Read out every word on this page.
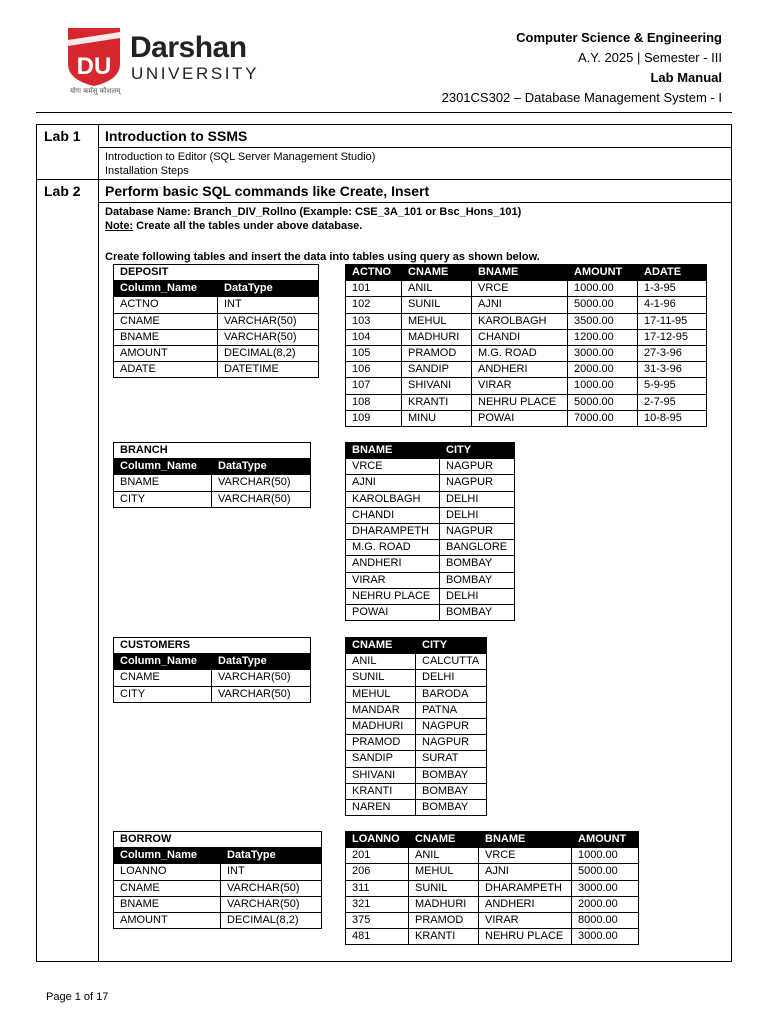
DU
Darshan
UNIVERSITY
योगः कर्मसु कौशलम्
Computer Science & Engineering
A.Y. 2025 | Semester - III
Lab Manual
2301CS302 – Database Management System - I
Lab 1 Introduction to SSMS
Introduction to Editor (SQL Server Management Studio)
Installation Steps
Lab 2 Perform basic SQL commands like Create, Insert
Database Name: Branch_DIV_Rollno (Example: CSE_3A_101 or Bsc_Hons_101)
Note: Create all the tables under above database.
Create following tables and insert the data into tables using query as shown below.
DEPOSIT	
Column_Name	DataType
ACTNO	INT
CNAME	VARCHAR(50)
BNAME	VARCHAR(50)
AMOUNT	DECIMAL(8,2)
ADATE	DATETIME
ACTNO	CNAME	BNAME	AMOUNT	ADATE
101	ANIL	VRCE	1000.00	1-3-95
102	SUNIL	AJNI	5000.00	4-1-96
103	MEHUL	KAROLBAGH	3500.00	17-11-95
104	MADHURI	CHANDI	1200.00	17-12-95
105	PRAMOD	M.G. ROAD	3000.00	27-3-96
106	SANDIP	ANDHERI	2000.00	31-3-96
107	SHIVANI	VIRAR	1000.00	5-9-95
108	KRANTI	NEHRU PLACE	5000.00	2-7-95
109	MINU	POWAI	7000.00	10-8-95
BRANCH	
Column_Name	DataType
BNAME	VARCHAR(50)
CITY	VARCHAR(50)
BNAME	CITY
VRCE	NAGPUR
AJNI	NAGPUR
KAROLBAGH	DELHI
CHANDI	DELHI
DHARAMPETH	NAGPUR
M.G. ROAD	BANGLORE
ANDHERI	BOMBAY
VIRAR	BOMBAY
NEHRU PLACE	DELHI
POWAI	BOMBAY
CUSTOMERS	
Column_Name	DataType
CNAME	VARCHAR(50)
CITY	VARCHAR(50)
CNAME	CITY
ANIL	CALCUTTA
SUNIL	DELHI
MEHUL	BARODA
MANDAR	PATNA
MADHURI	NAGPUR
PRAMOD	NAGPUR
SANDIP	SURAT
SHIVANI	BOMBAY
KRANTI	BOMBAY
NAREN	BOMBAY
BORROW	
Column_Name	DataType
LOANNO	INT
CNAME	VARCHAR(50)
BNAME	VARCHAR(50)
AMOUNT	DECIMAL(8,2)
LOANNO	CNAME	BNAME	AMOUNT
201	ANIL	VRCE	1000.00
206	MEHUL	AJNI	5000.00
311	SUNIL	DHARAMPETH	3000.00
321	MADHURI	ANDHERI	2000.00
375	PRAMOD	VIRAR	8000.00
481	KRANTI	NEHRU PLACE	3000.00
Page 1 of 17
